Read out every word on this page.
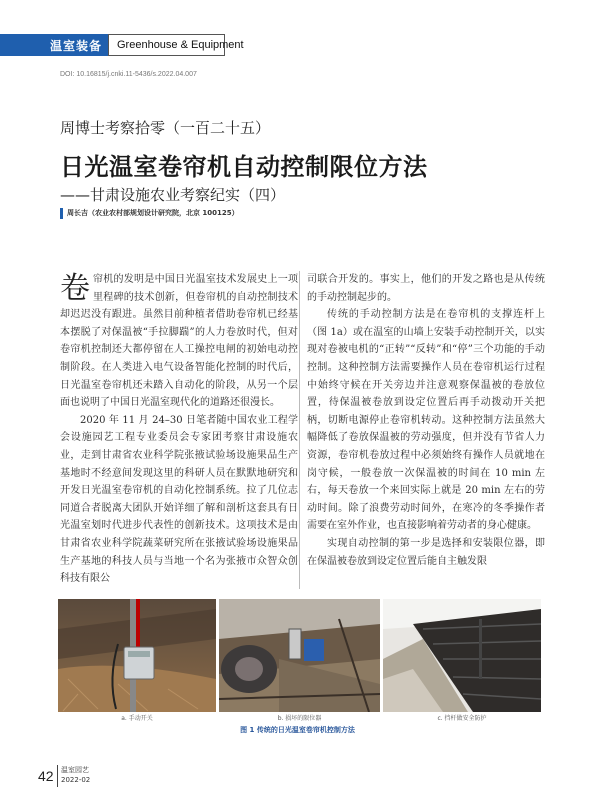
温室装备 Greenhouse & Equipment
DOI: 10.16815/j.cnki.11-5436/s.2022.04.007
周博士考察拾零（一百二十五）
日光温室卷帘机自动控制限位方法
——甘肃设施农业考察纪实（四）
周长吉（农业农村部规划设计研究院，北京 100125）

卷帘机的发明是中国日光温室技术发展史上一项里程碑的技术创新，但卷帘机的自动控制技术却迟迟没有跟进。虽然目前种植者借助卷帘机已经基本摆脱了对保温被“手拉脚踹”的人力卷放时代，但对卷帘机控制还大都停留在人工操控电闸的初始电动控制阶段。在人类进入电气设备智能化控制的时代后，日光温室卷帘机还未踏入自动化的阶段，从另一个层面也说明了中国日光温室现代化的道路还很漫长。

2020 年 11 月 24–30 日笔者随中国农业工程学会设施园艺工程专业委员会专家团考察甘肃设施农业，走到甘肃省农业科学院张掖试验场设施果品生产基地时不经意间发现这里的科研人员在默默地研究和开发日光温室卷帘机的自动化控制系统。拉了几位志同道合者脱离大团队开始详细了解和剖析这套具有日光温室划时代进步代表性的创新技术。这项技术是由甘肃省农业科学院蔬菜研究所在张掖试验场设施果品生产基地的科技人员与当地一个名为张掖市众智众创科技有限公

司联合开发的。事实上，他们的开发之路也是从传统的手动控制起步的。

传统的手动控制方法是在卷帘机的支撑连杆上（图 1a）或在温室的山墙上安装手动控制开关，以实现对卷被电机的“正转”“反转”和“停”三个功能的手动控制。这种控制方法需要操作人员在卷帘机运行过程中始终守候在开关旁边并注意观察保温被的卷放位置，待保温被卷放到设定位置后再手动拨动开关把柄，切断电源停止卷帘机转动。这种控制方法虽然大幅降低了卷放保温被的劳动强度，但并没有节省人力资源，卷帘机卷放过程中必须始终有操作人员就地在岗守候，一般卷放一次保温被的时间在 10 min 左右，每天卷放一个来回实际上就是 20 min 左右的劳动时间。除了浪费劳动时间外，在寒冷的冬季操作者需要在室外作业，也直接影响着劳动者的身心健康。

实现自动控制的第一步是选择和安装限位器，即在保温被卷放到设定位置后能自主触发限

a. 手动开关	b. 损坏的限位器	c. 挡杆做安全防护
图 1 传统的日光温室卷帘机控制方法
42 温室园艺
2022-02
